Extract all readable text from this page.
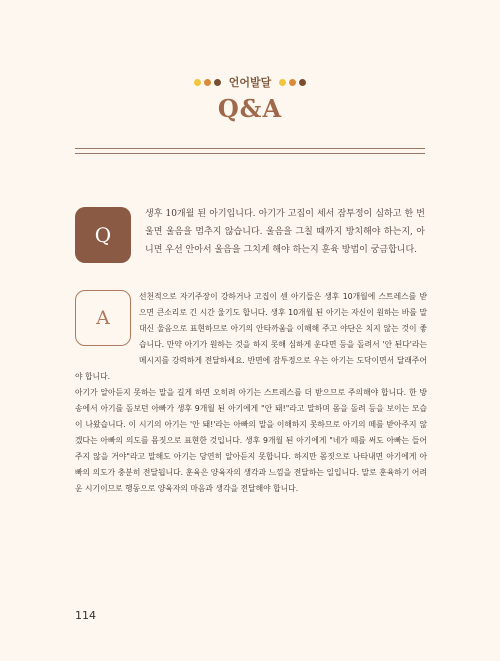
언어발달
Q&A
Q
생후 10개월 된 아기입니다. 아기가 고집이 세서 잠투정이 심하고 한 번 울면 울음을 멈추지 않습니다. 울음을 그칠 때까지 방치해야 하는지, 아니면 우선 안아서 울음을 그치게 해야 하는지 훈육 방법이 궁금합니다.
A

선천적으로 자기주장이 강하거나 고집이 센 아기들은 생후 10개월에 스트레스를 받으면 큰소리로 긴 시간 울기도 합니다. 생후 10개월 된 아기는 자신이 원하는 바를 말 대신 울음으로 표현하므로 아기의 안타까움을 이해해 주고 야단은 치지 않는 것이 좋습니다. 만약 아기가 원하는 것을 하지 못해 심하게 운다면 등을 돌려서 '안 된다'라는 메시지를 강력하게 전달하세요. 반면에 잠투정으로 우는 아기는 도닥이면서 달래주어야 합니다.

아기가 알아듣지 못하는 말을 길게 하면 오히려 아기는 스트레스를 더 받으므로 주의해야 합니다. 한 방송에서 아기를 돌보던 아빠가 생후 9개월 된 아기에게 "안 돼!"라고 말하며 몸을 돌려 등을 보이는 모습이 나왔습니다. 이 시기의 아기는 '안 돼!'라는 아빠의 말을 이해하지 못하므로 아기의 떼를 받아주지 않겠다는 아빠의 의도를 몸짓으로 표현한 것입니다. 생후 9개월 된 아기에게 "네가 떼를 써도 아빠는 들어주지 않을 거야"라고 말해도 아기는 당연히 알아듣지 못합니다. 하지만 몸짓으로 나타내면 아기에게 아빠의 의도가 충분히 전달됩니다. 훈육은 양육자의 생각과 느낌을 전달하는 일입니다. 말로 훈육하기 어려운 시기이므로 행동으로 양육자의 마음과 생각을 전달해야 합니다.

114
